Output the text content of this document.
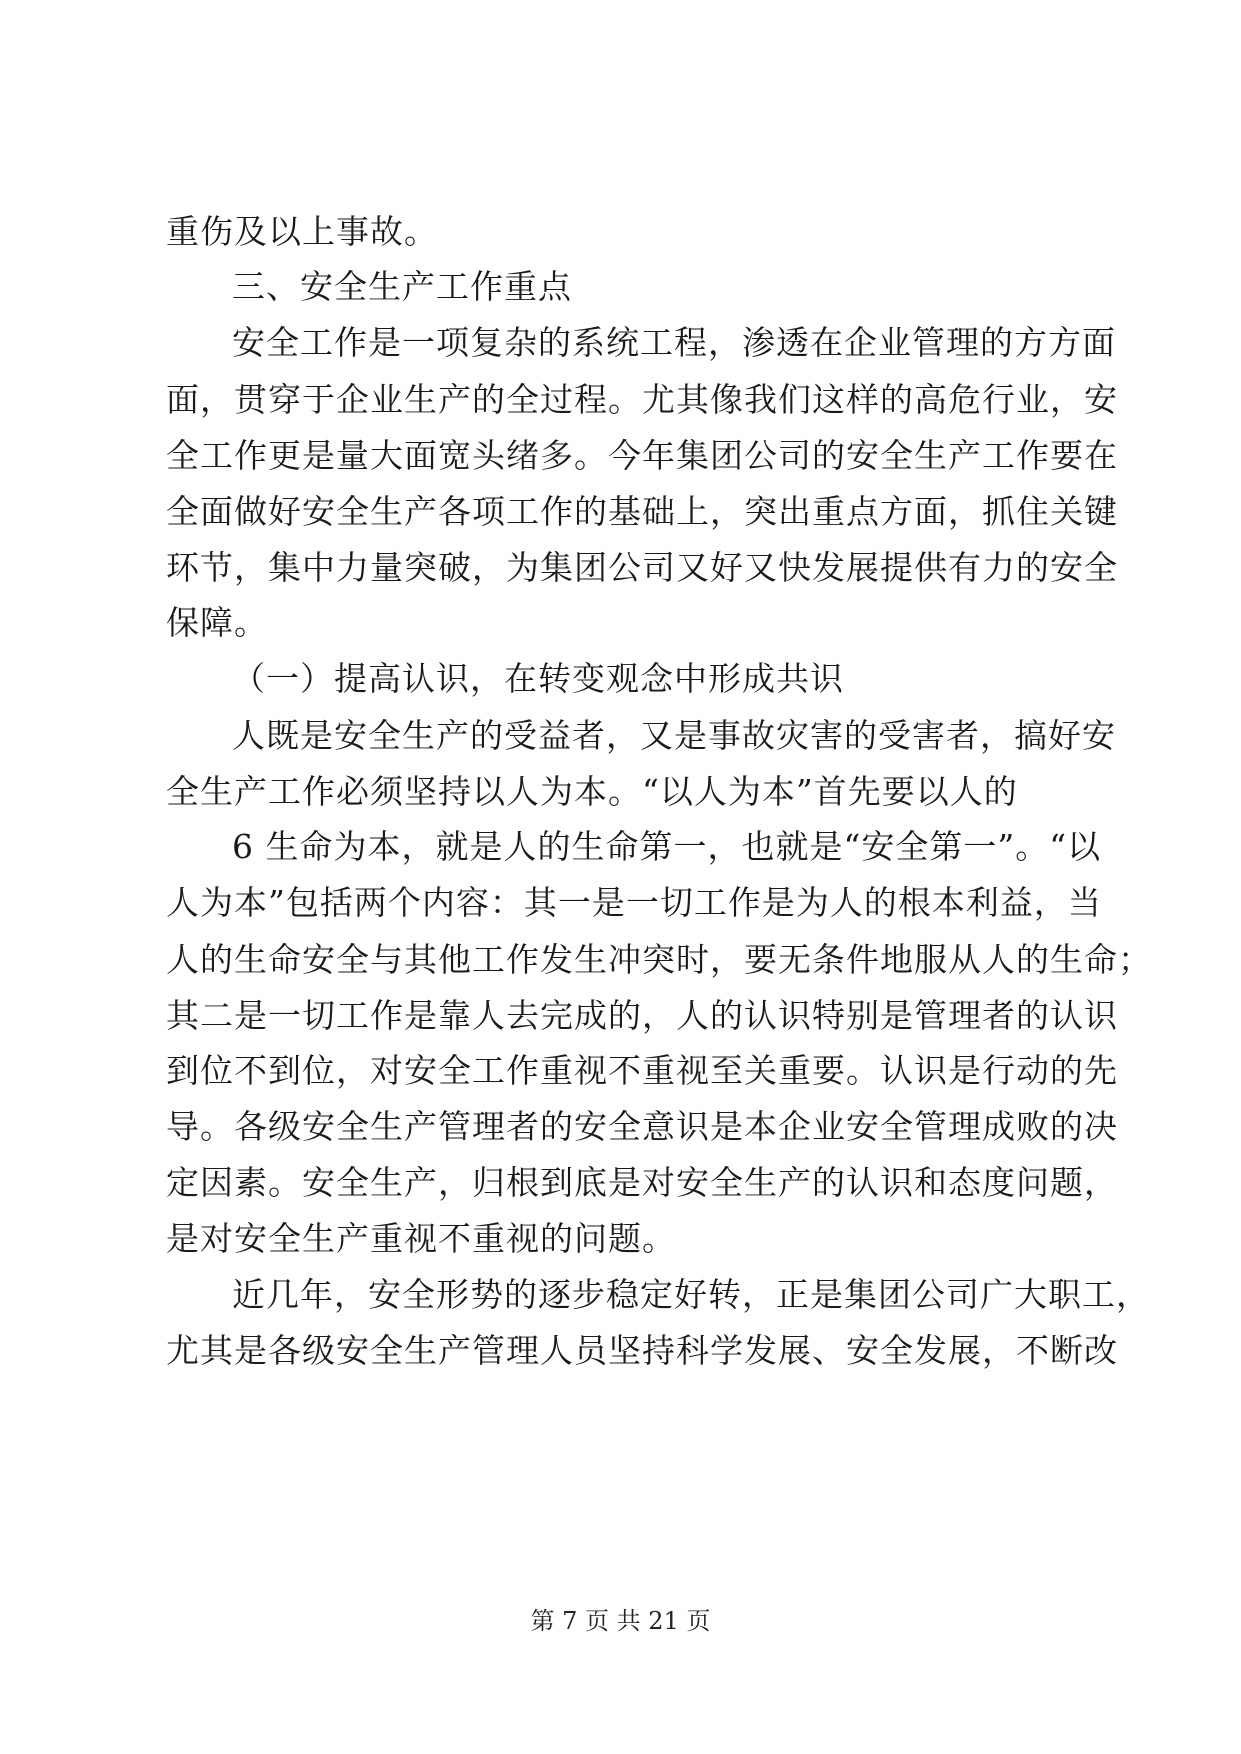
重伤及以上事故。
三、安全生产工作重点
安全工作是一项复杂的系统工程，渗透在企业管理的方方面
面，贯穿于企业生产的全过程。尤其像我们这样的高危行业，安
全工作更是量大面宽头绪多。今年集团公司的安全生产工作要在
全面做好安全生产各项工作的基础上，突出重点方面，抓住关键
环节，集中力量突破，为集团公司又好又快发展提供有力的安全
保障。
（一）提高认识，在转变观念中形成共识
人既是安全生产的受益者，又是事故灾害的受害者，搞好安
全生产工作必须坚持以人为本。“以人为本”首先要以人的
6 生命为本，就是人的生命第一，也就是“安全第一”。“以
人为本”包括两个内容：其一是一切工作是为人的根本利益，当
人的生命安全与其他工作发生冲突时，要无条件地服从人的生命；
其二是一切工作是靠人去完成的，人的认识特别是管理者的认识
到位不到位，对安全工作重视不重视至关重要。认识是行动的先
导。各级安全生产管理者的安全意识是本企业安全管理成败的决
定因素。安全生产，归根到底是对安全生产的认识和态度问题，
是对安全生产重视不重视的问题。
近几年，安全形势的逐步稳定好转，正是集团公司广大职工，
尤其是各级安全生产管理人员坚持科学发展、安全发展，不断改
第 7 页 共 21 页
